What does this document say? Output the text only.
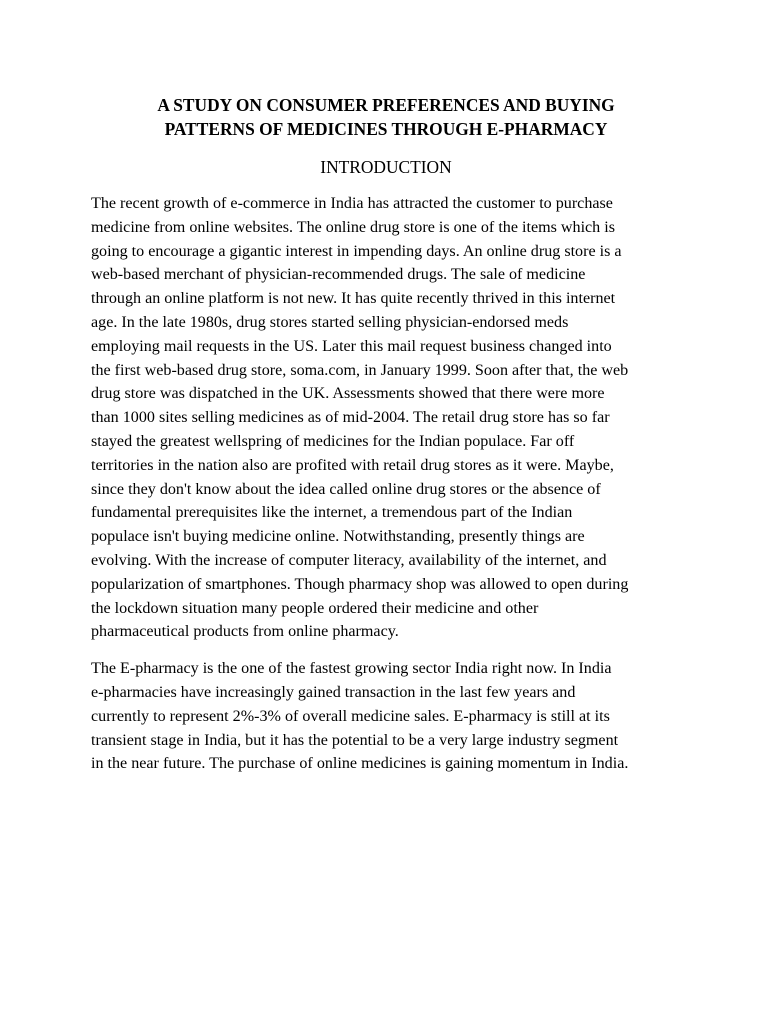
A STUDY ON CONSUMER PREFERENCES AND BUYING
PATTERNS OF MEDICINES THROUGH E-PHARMACY
INTRODUCTION

The recent growth of e-commerce in India has attracted the customer to purchase
medicine from online websites. The online drug store is one of the items which is
going to encourage a gigantic interest in impending days. An online drug store is a
web-based merchant of physician-recommended drugs. The sale of medicine
through an online platform is not new. It has quite recently thrived in this internet
age. In the late 1980s, drug stores started selling physician-endorsed meds
employing mail requests in the US. Later this mail request business changed into
the first web-based drug store, soma.com, in January 1999. Soon after that, the web
drug store was dispatched in the UK. Assessments showed that there were more
than 1000 sites selling medicines as of mid-2004. The retail drug store has so far
stayed the greatest wellspring of medicines for the Indian populace. Far off
territories in the nation also are profited with retail drug stores as it were. Maybe,
since they don't know about the idea called online drug stores or the absence of
fundamental prerequisites like the internet, a tremendous part of the Indian
populace isn't buying medicine online. Notwithstanding, presently things are
evolving. With the increase of computer literacy, availability of the internet, and
popularization of smartphones. Though pharmacy shop was allowed to open during
the lockdown situation many people ordered their medicine and other
pharmaceutical products from online pharmacy.

The E-pharmacy is the one of the fastest growing sector India right now. In India
e-pharmacies have increasingly gained transaction in the last few years and
currently to represent 2%-3% of overall medicine sales. E-pharmacy is still at its
transient stage in India, but it has the potential to be a very large industry segment
in the near future. The purchase of online medicines is gaining momentum in India.
